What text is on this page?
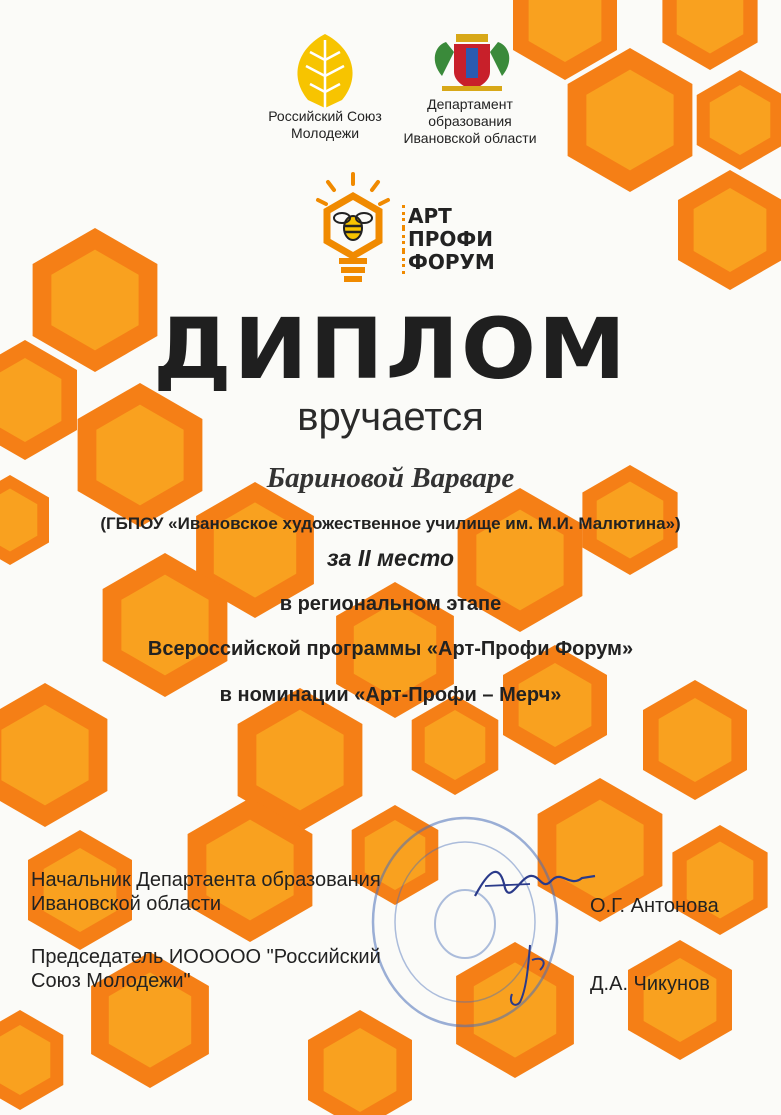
Российский Союз
Молодежи
Департамент
образования
Ивановской области
АРТ
ПРОФИ
ФОРУМ
ДИПЛОМ
вручается
Бариновой Варваре
(ГБПОУ «Ивановское художественное училище им. М.И. Малютина»)
за II место
в региональном этапе
Всероссийской программы «Арт-Профи Форум»
в номинации «Арт-Профи – Мерч»
Начальник Департаента образования
Ивановской области	О.Г. Антонова
Председатель ИООООО "Российский
Союз Молодежи"	Д.А. Чикунов
